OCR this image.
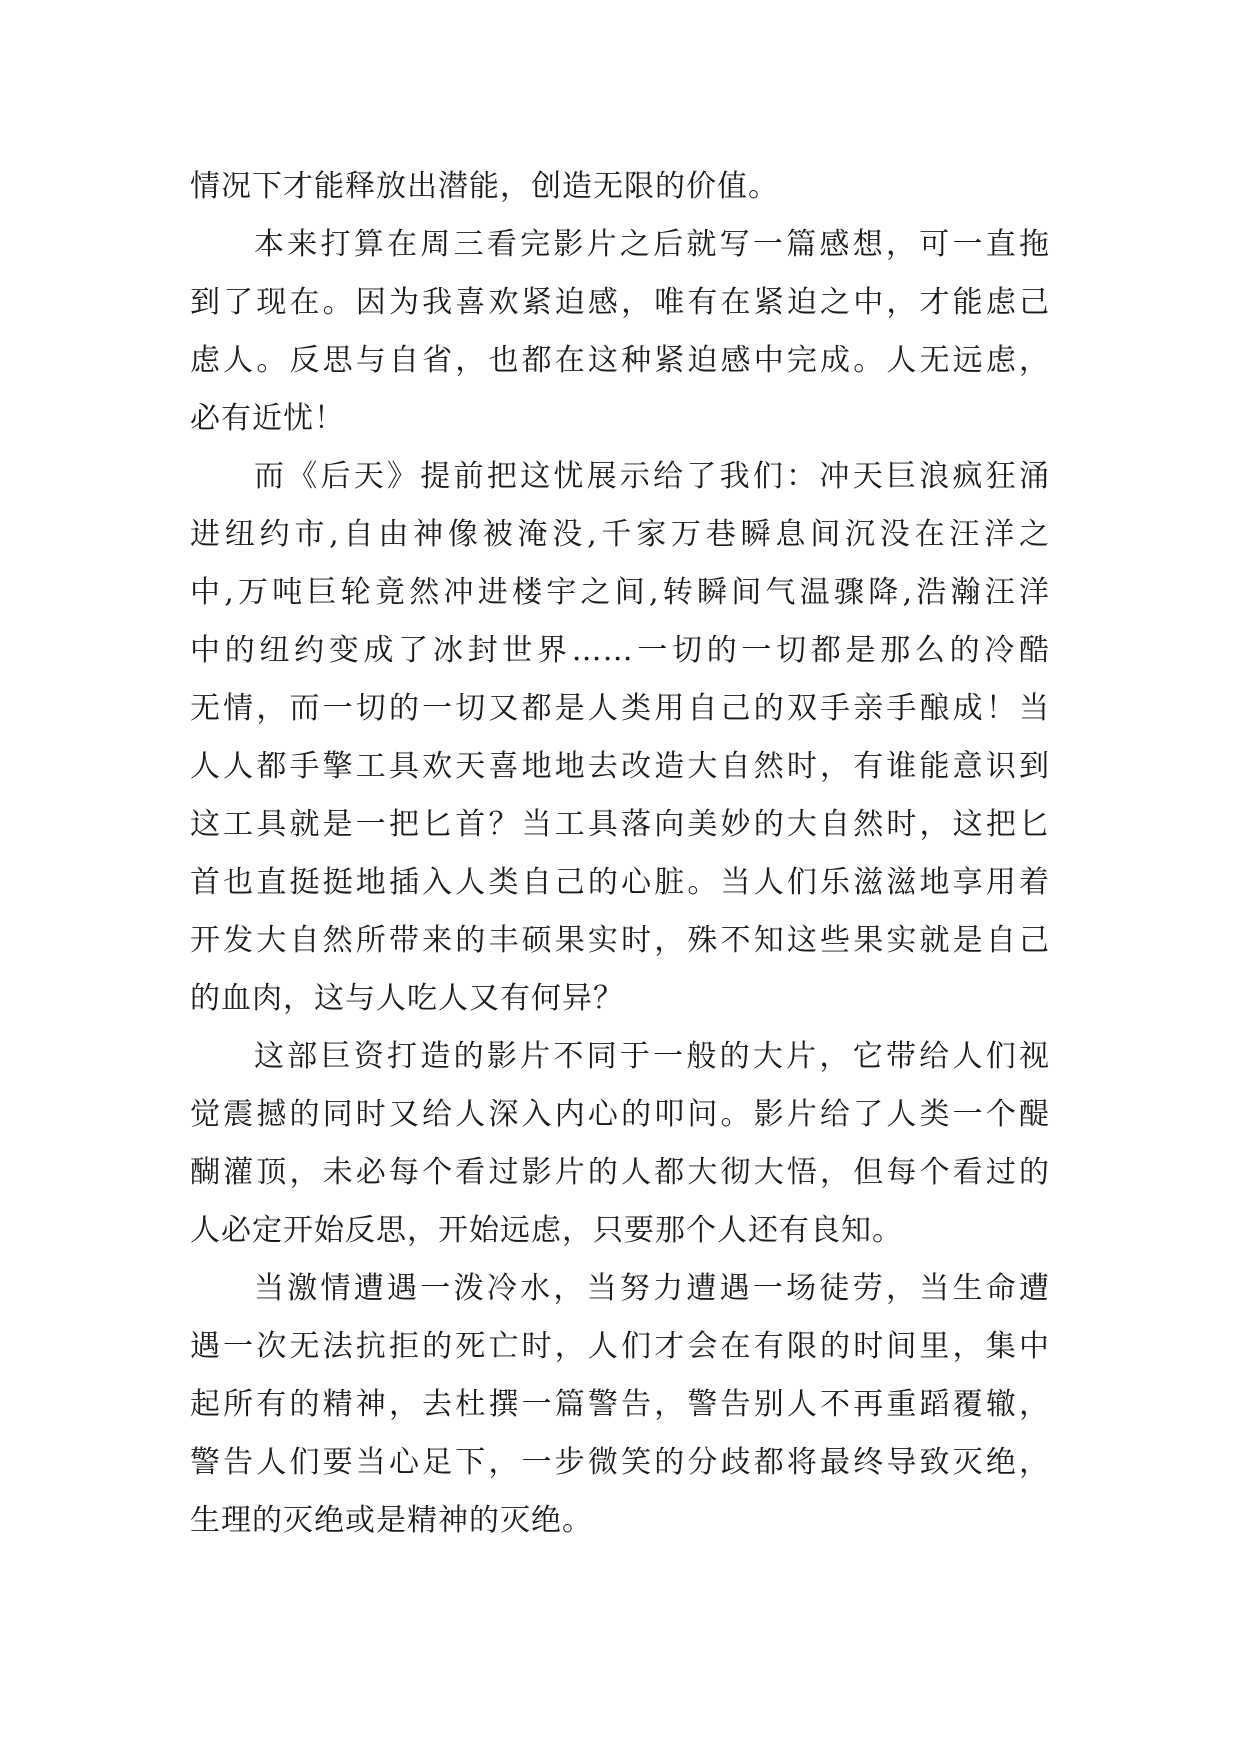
情况下才能释放出潜能，创造无限的价值。
本来打算在周三看完影片之后就写一篇感想，可一直拖
到了现在。因为我喜欢紧迫感，唯有在紧迫之中，才能虑己
虑人。反思与自省，也都在这种紧迫感中完成。人无远虑，
必有近忧！
而《后天》提前把这忧展示给了我们：冲天巨浪疯狂涌
进纽约市,自由神像被淹没,千家万巷瞬息间沉没在汪洋之
中,万吨巨轮竟然冲进楼宇之间,转瞬间气温骤降,浩瀚汪洋
中的纽约变成了冰封世界……一切的一切都是那么的冷酷
无情，而一切的一切又都是人类用自己的双手亲手酿成！当
人人都手擎工具欢天喜地地去改造大自然时，有谁能意识到
这工具就是一把匕首？当工具落向美妙的大自然时，这把匕
首也直挺挺地插入人类自己的心脏。当人们乐滋滋地享用着
开发大自然所带来的丰硕果实时，殊不知这些果实就是自己
的血肉，这与人吃人又有何异？
这部巨资打造的影片不同于一般的大片，它带给人们视
觉震撼的同时又给人深入内心的叩问。影片给了人类一个醍
醐灌顶，未必每个看过影片的人都大彻大悟，但每个看过的
人必定开始反思，开始远虑，只要那个人还有良知。
当激情遭遇一泼冷水，当努力遭遇一场徒劳，当生命遭
遇一次无法抗拒的死亡时，人们才会在有限的时间里，集中
起所有的精神，去杜撰一篇警告，警告别人不再重蹈覆辙，
警告人们要当心足下，一步微笑的分歧都将最终导致灭绝，
生理的灭绝或是精神的灭绝。
